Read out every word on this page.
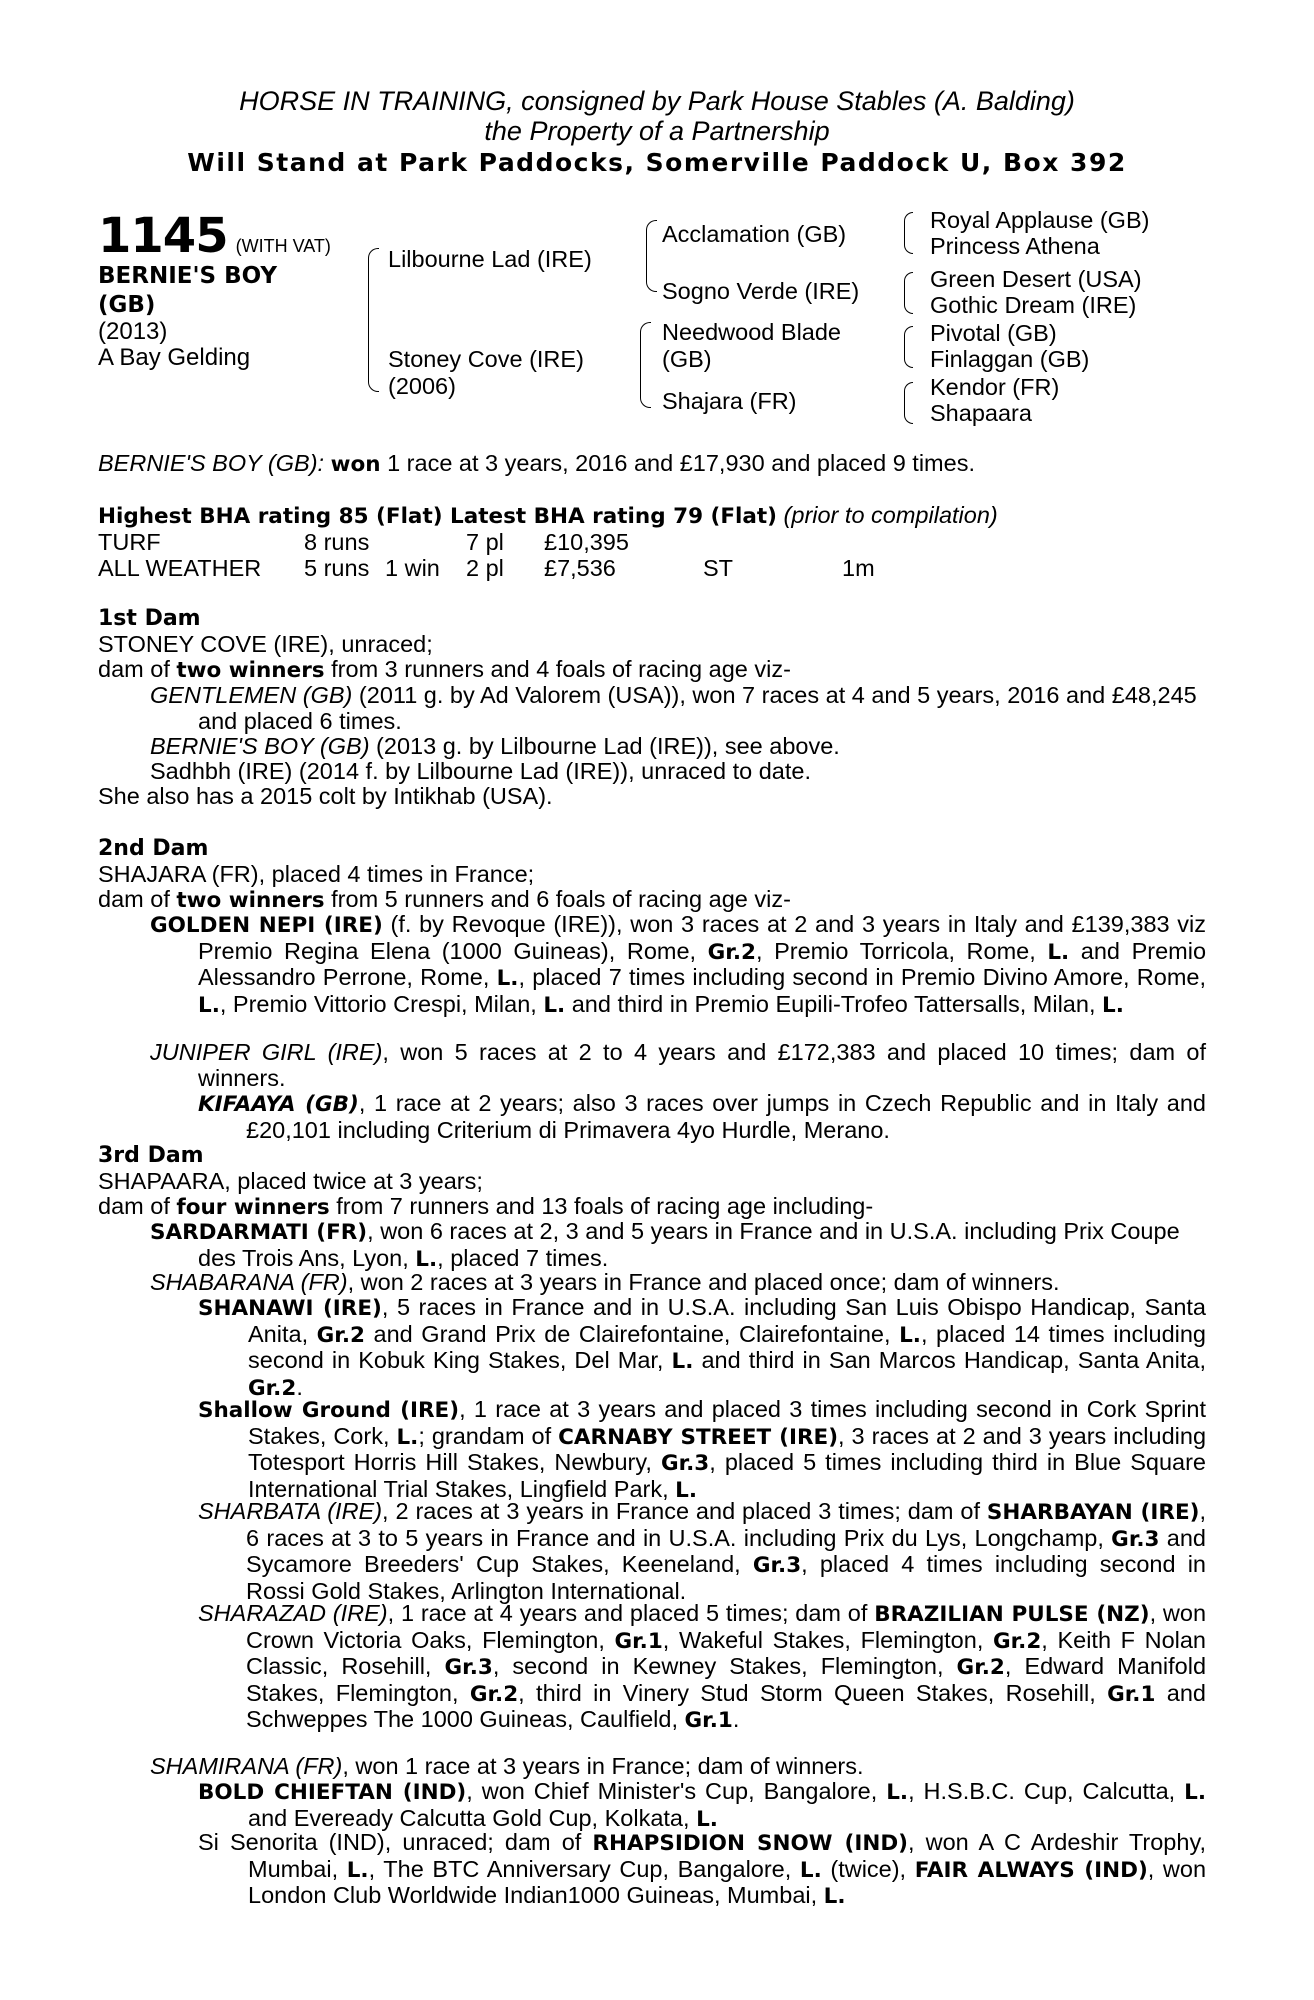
HORSE IN TRAINING, consigned by Park House Stables (A. Balding)
the Property of a Partnership
Will Stand at Park Paddocks, Somerville Paddock U, Box 392
1145 (WITH VAT)
BERNIE'S BOY
(GB)
(2013)
A Bay Gelding
Lilbourne Lad (IRE)
Stoney Cove (IRE)
(2006)
Acclamation (GB)
Sogno Verde (IRE)
Needwood Blade
(GB)
Shajara (FR)
Royal Applause (GB)
Princess Athena
Green Desert (USA)
Gothic Dream (IRE)
Pivotal (GB)
Finlaggan (GB)
Kendor (FR)
Shapaara
BERNIE'S BOY (GB): won 1 race at 3 years, 2016 and £17,930 and placed 9 times.
Highest BHA rating 85 (Flat) Latest BHA rating 79 (Flat) (prior to compilation)
TURF	8 runs	7 pl £10,395
ALL WEATHER 5 runs 1 win 2 pl £7,536	ST	1m
1st Dam
STONEY COVE (IRE), unraced;
dam of two winners from 3 runners and 4 foals of racing age viz-
GENTLEMEN (GB) (2011 g. by Ad Valorem (USA)), won 7 races at 4 and 5 years, 2016 and £48,245 and placed 6 times.
BERNIE'S BOY (GB) (2013 g. by Lilbourne Lad (IRE)), see above.
Sadhbh (IRE) (2014 f. by Lilbourne Lad (IRE)), unraced to date.
She also has a 2015 colt by Intikhab (USA).
2nd Dam
SHAJARA (FR), placed 4 times in France;
dam of two winners from 5 runners and 6 foals of racing age viz-
GOLDEN NEPI (IRE) (f. by Revoque (IRE)), won 3 races at 2 and 3 years in Italy and £139,383 viz Premio Regina Elena (1000 Guineas), Rome, Gr.2, Premio Torricola, Rome, L. and Premio Alessandro Perrone, Rome, L., placed 7 times including second in Premio Divino Amore, Rome, L., Premio Vittorio Crespi, Milan, L. and third in Premio Eupili-Trofeo Tattersalls, Milan, L.
JUNIPER GIRL (IRE), won 5 races at 2 to 4 years and £172,383 and placed 10 times; dam of winners.
KIFAAYA (GB), 1 race at 2 years; also 3 races over jumps in Czech Republic and in Italy and £20,101 including Criterium di Primavera 4yo Hurdle, Merano.
3rd Dam
SHAPAARA, placed twice at 3 years;
dam of four winners from 7 runners and 13 foals of racing age including-
SARDARMATI (FR), won 6 races at 2, 3 and 5 years in France and in U.S.A. including Prix Coupe des Trois Ans, Lyon, L., placed 7 times.
SHABARANA (FR), won 2 races at 3 years in France and placed once; dam of winners.
SHANAWI (IRE), 5 races in France and in U.S.A. including San Luis Obispo Handicap, Santa Anita, Gr.2 and Grand Prix de Clairefontaine, Clairefontaine, L., placed 14 times including second in Kobuk King Stakes, Del Mar, L. and third in San Marcos Handicap, Santa Anita, Gr.2.
Shallow Ground (IRE), 1 race at 3 years and placed 3 times including second in Cork Sprint Stakes, Cork, L.; grandam of CARNABY STREET (IRE), 3 races at 2 and 3 years including Totesport Horris Hill Stakes, Newbury, Gr.3, placed 5 times including third in Blue Square International Trial Stakes, Lingfield Park, L.
SHARBATA (IRE), 2 races at 3 years in France and placed 3 times; dam of SHARBAYAN (IRE), 6 races at 3 to 5 years in France and in U.S.A. including Prix du Lys, Longchamp, Gr.3 and Sycamore Breeders' Cup Stakes, Keeneland, Gr.3, placed 4 times including second in Rossi Gold Stakes, Arlington International.
SHARAZAD (IRE), 1 race at 4 years and placed 5 times; dam of BRAZILIAN PULSE (NZ), won Crown Victoria Oaks, Flemington, Gr.1, Wakeful Stakes, Flemington, Gr.2, Keith F Nolan Classic, Rosehill, Gr.3, second in Kewney Stakes, Flemington, Gr.2, Edward Manifold Stakes, Flemington, Gr.2, third in Vinery Stud Storm Queen Stakes, Rosehill, Gr.1 and Schweppes The 1000 Guineas, Caulfield, Gr.1.
SHAMIRANA (FR), won 1 race at 3 years in France; dam of winners.
BOLD CHIEFTAN (IND), won Chief Minister's Cup, Bangalore, L., H.S.B.C. Cup, Calcutta, L. and Eveready Calcutta Gold Cup, Kolkata, L.
Si Senorita (IND), unraced; dam of RHAPSIDION SNOW (IND), won A C Ardeshir Trophy, Mumbai, L., The BTC Anniversary Cup, Bangalore, L. (twice), FAIR ALWAYS (IND), won London Club Worldwide Indian1000 Guineas, Mumbai, L.
